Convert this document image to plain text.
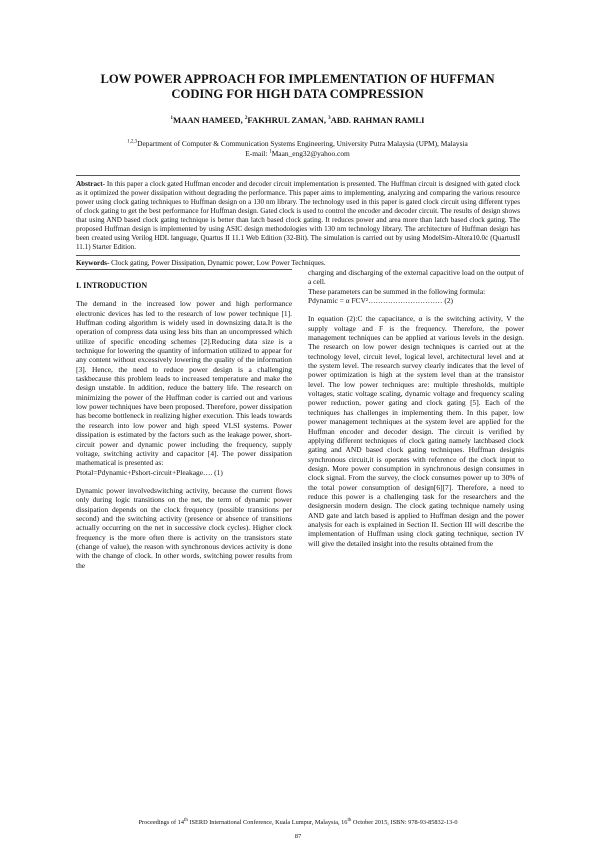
LOW POWER APPROACH FOR IMPLEMENTATION OF HUFFMAN
CODING FOR HIGH DATA COMPRESSION
$^1$MAAN HAMEED, $^2$FAKHRUL ZAMAN, $^3$ABD. RAHMAN RAMLI
$^{1,2,3}$Department of Computer & Communication Systems Engineering, University Putra Malaysia (UPM), Malaysia
E-mail: $^1$Maan_eng32@yahoo.com
Abstract- In this paper a clock gated Huffman encoder and decoder circuit implementation is presented. The Huffman circuit is designed with gated clock as it optimized the power dissipation without degrading the performance. This paper aims to implementing, analyzing and comparing the various resource power using clock gating techniques to Huffman design on a 130 nm library. The technology used in this paper is gated clock circuit using different types of clock gating to get the best performance for Huffman design. Gated clock is used to control the encoder and decoder circuit. The results of design shows that using AND based clock gating technique is better than latch based clock gating. It reduces power and area more than latch based clock gating. The proposed Huffman design is implemented by using ASIC design methodologies with 130 nm technology library. The architecture of Huffman design has been created using Verilog HDL language, Quartus II 11.1 Web Edition (32-Bit). The simulation is carried out by using ModelSim-Altera10.0c (QuartusII 11.1) Starter Edition.
Keywords- Clock gating, Power Dissipation, Dynamic power, Low Power Techniques.

I. INTRODUCTION

The demand in the increased low power and high performance electronic devices has led to the research of low power technique [1]. Huffman coding algorithm is widely used in downsizing data.It is the operation of compress data using less bits than an uncompressed which utilize of specific encoding schemes [2].Reducing data size is a technique for lowering the quantity of information utilized to appear for any content without excessively lowering the quality of the information [3]. Hence, the need to reduce power design is a challenging taskbecause this problem leads to increased temperature and make the design unstable. In addition, reduce the battery life. The research on minimizing the power of the Huffman coder is carried out and various low power techniques have been proposed. Therefore, power dissipation has become bottleneck in realizing higher execution. This leads towards the research into low power and high speed VLSI systems. Power dissipation is estimated by the factors such as the leakage power, short-circuit power and dynamic power including the frequency, supply voltage, switching activity and capacitor [4]. The power dissipation mathematical is presented as:

Ptotal=Pdynamic+Pshort-circuit+Pleakage…. (1)

Dynamic power involvedswitching activity, because the current flows only during logic transitions on the net, the term of dynamic power dissipation depends on the clock frequency (possible transitions per second) and the switching activity (presence or absence of transitions actually occurring on the net in successive clock cycles). Higher clock frequency is the more often there is activity on the transistors state (change of value), the reason with synchronous devices activity is done with the change of clock. In other words, switching power results from the

charging and discharging of the external capacitive load on the output of a cell.

These parameters can be summed in the following formula:

Pdynamic = α FCV²………………………… (2)

In equation (2):C the capacitance, α is the switching activity, V the supply voltage and F is the frequency. Therefore, the power management techniques can be applied at various levels in the design. The research on low power design techniques is carried out at the technology level, circuit level, logical level, architectural level and at the system level. The research survey clearly indicates that the level of power optimization is high at the system level than at the transistor level. The low power techniques are: multiple thresholds, multiple voltages, static voltage scaling, dynamic voltage and frequency scaling power reduction, power gating and clock gating [5]. Each of the techniques has challenges in implementing them. In this paper, low power management techniques at the system level are applied for the Huffman encoder and decoder design. The circuit is verified by applying different techniques of clock gating namely latchbased clock gating and AND based clock gating techniques. Huffman designis synchronous circuit,it is operates with reference of the clock input to design. More power consumption in synchronous design consumes in clock signal. From the survey, the clock consumes power up to 30% of the total power consumption of design[6][7]. Therefore, a need to reduce this power is a challenging task for the researchers and the designersin modern design. The clock gating technique namely using AND gate and latch based is applied to Huffman design and the power analysis for each is explained in Section II. Section III will describe the implementation of Huffman using clock gating technique, section IV will give the detailed insight into the results obtained from the

Proceedings of 14th ISERD International Conference, Kuala Lumpur, Malaysia, 16th October 2015, ISBN: 978-93-85832-13-0
87
